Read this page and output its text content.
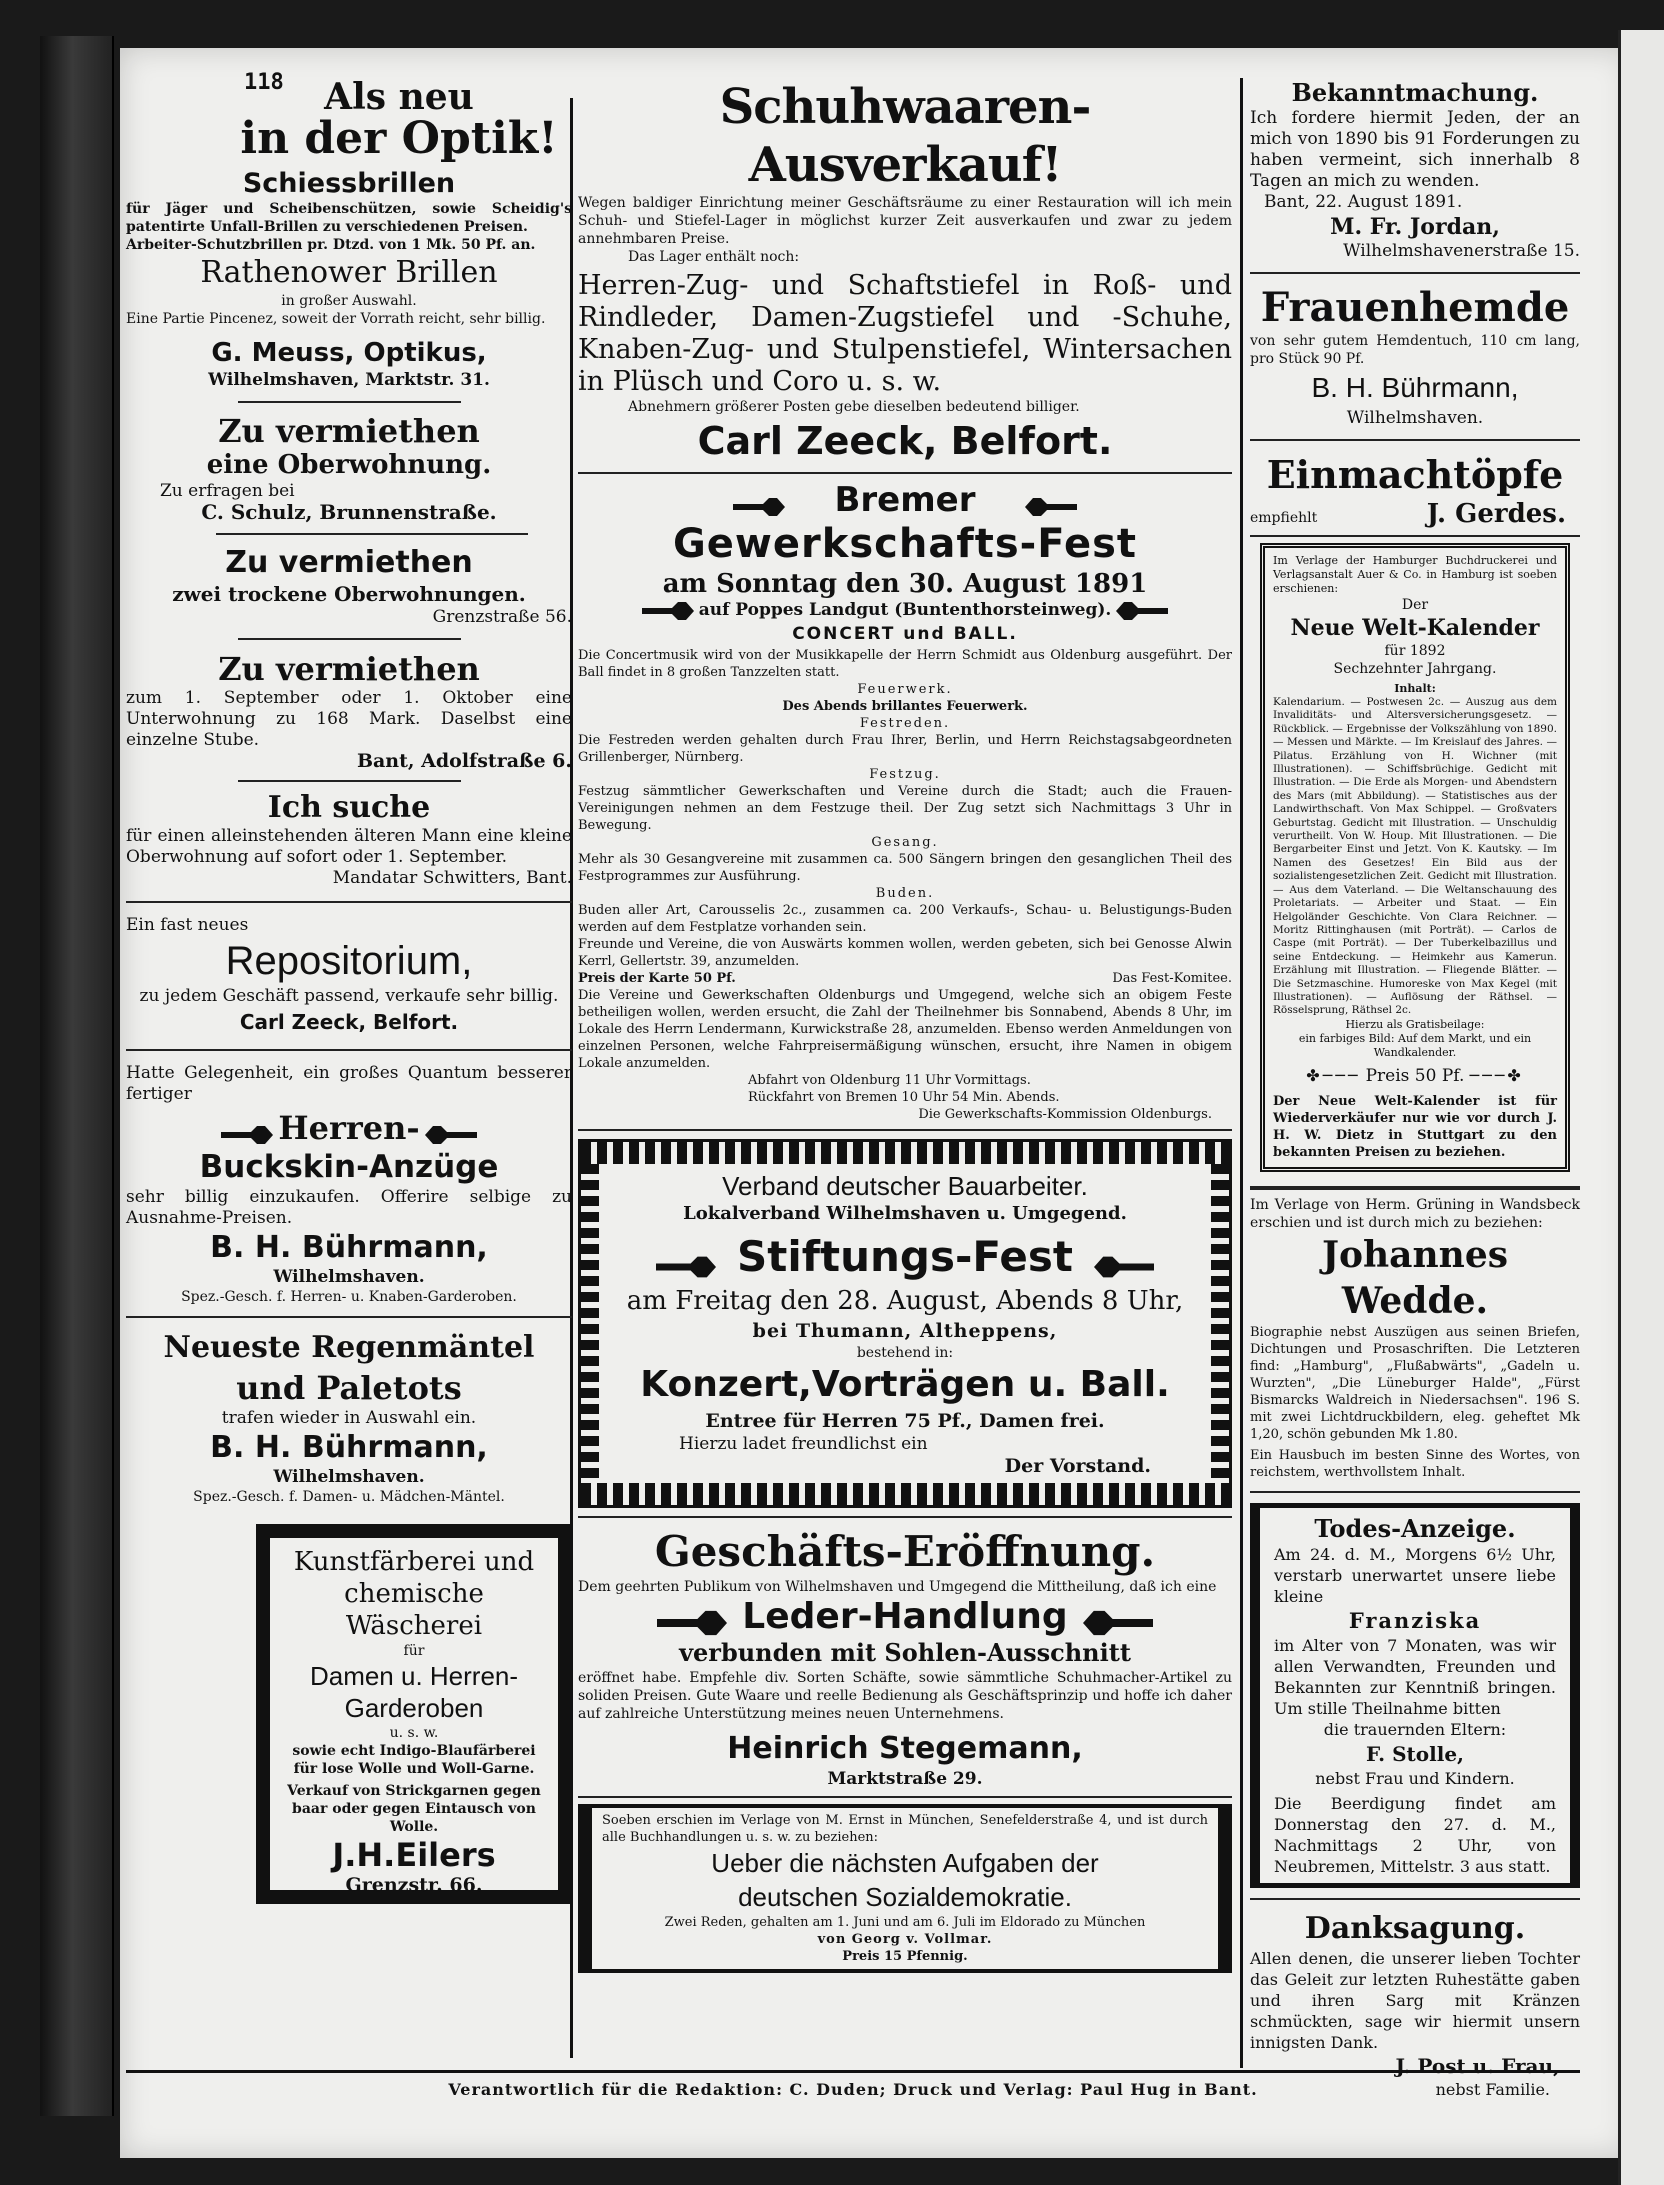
118	Als neu
in der Optik!
Schiessbrillen

für Jäger und Scheibenschützen, sowie Scheidig's patentirte Unfall-Brillen zu verschiedenen Preisen.

Arbeiter-Schutzbrillen pr. Dtzd. von 1 Mk. 50 Pf. an.

Rathenower Brillen

in großer Auswahl.

Eine Partie Pincenez, soweit der Vorrath reicht, sehr billig.

G. Meuss, Optikus,
Wilhelmshaven, Marktstr. 31.
Zu vermiethen
eine Oberwohnung.

Zu erfragen bei

C. Schulz, Brunnenstraße.
Zu vermiethen
zwei trockene Oberwohnungen.
Grenzstraße 56.
Zu vermiethen

zum 1. September oder 1. Oktober eine Unterwohnung zu 168 Mark. Daselbst eine einzelne Stube.

Bant, Adolfstraße 6.
Ich suche

für einen alleinstehenden älteren Mann eine kleine Oberwohnung auf sofort oder 1. September.

Mandatar Schwitters, Bant.

Ein fast neues

Repositorium,

zu jedem Geschäft passend, verkaufe sehr billig.

Carl Zeeck, Belfort.

Hatte Gelegenheit, ein großes Quantum besserer fertiger

Herren-
Buckskin-Anzüge

sehr billig einzukaufen. Offerire selbige zu Ausnahme-Preisen.

B. H. Bührmann,
Wilhelmshaven.
Spez.-Gesch. f. Herren- u. Knaben-Garderoben.
Neueste Regenmäntel
und Paletots

trafen wieder in Auswahl ein.

B. H. Bührmann,
Wilhelmshaven.
Spez.-Gesch. f. Damen- u. Mädchen-Mäntel.
Kunstfärberei und
chemische Wäscherei
für
Damen u. Herren-
Garderoben
u. s. w.

sowie echt Indigo-Blaufärberei für lose Wolle und Woll-Garne.

Verkauf von Strickgarnen gegen baar oder gegen Eintausch von Wolle.

J.H.Eilers
Grenzstr. 66.
Schuhwaaren-Ausverkauf!

Wegen baldiger Einrichtung meiner Geschäftsräume zu einer Restauration will ich mein Schuh- und Stiefel-Lager in möglichst kurzer Zeit ausverkaufen und zwar zu jedem annehmbaren Preise.

Das Lager enthält noch:

Herren-Zug- und Schaftstiefel in Roß- und Rindleder, Damen-Zugstiefel und -Schuhe, Knaben-Zug- und Stulpenstiefel, Wintersachen in Plüsch und Coro u. s. w.

Abnehmern größerer Posten gebe dieselben bedeutend billiger.

Carl Zeeck, Belfort.
Bremer
Gewerkschafts-Fest
am Sonntag den 30. August 1891
auf Poppes Landgut (Buntenthorsteinweg).
CONCERT und BALL.

Die Concertmusik wird von der Musikkapelle der Herrn Schmidt aus Oldenburg ausgeführt. Der Ball findet in 8 großen Tanzzelten statt.

Feuerwerk.

Des Abends brillantes Feuerwerk.

Festreden.

Die Festreden werden gehalten durch Frau Ihrer, Berlin, und Herrn Reichstagsabgeordneten Grillenberger, Nürnberg.

Festzug.

Festzug sämmtlicher Gewerkschaften und Vereine durch die Stadt; auch die Frauen-Vereinigungen nehmen an dem Festzuge theil. Der Zug setzt sich Nachmittags 3 Uhr in Bewegung.

Gesang.

Mehr als 30 Gesangvereine mit zusammen ca. 500 Sängern bringen den gesanglichen Theil des Festprogrammes zur Ausführung.

Buden.

Buden aller Art, Carousselis 2c., zusammen ca. 200 Verkaufs-, Schau- u. Belustigungs-Buden werden auf dem Festplatze vorhanden sein.

Freunde und Vereine, die von Auswärts kommen wollen, werden gebeten, sich bei Genosse Alwin Kerrl, Gellertstr. 39, anzumelden.

Preis der Karte 50 Pf.	Das Fest-Komitee.

Die Vereine und Gewerkschaften Oldenburgs und Umgegend, welche sich an obigem Feste betheiligen wollen, werden ersucht, die Zahl der Theilnehmer bis Sonnabend, Abends 8 Uhr, im Lokale des Herrn Lendermann, Kurwickstraße 28, anzumelden. Ebenso werden Anmeldungen von einzelnen Personen, welche Fahrpreisermäßigung wünschen, ersucht, ihre Namen in obigem Lokale anzumelden.

Abfahrt von Oldenburg 11 Uhr Vormittags.

Rückfahrt von Bremen 10 Uhr 54 Min. Abends.

Die Gewerkschafts-Kommission Oldenburgs.

Verband deutscher Bauarbeiter.
Lokalverband Wilhelmshaven u. Umgegend.
Stiftungs-Fest
am Freitag den 28. August, Abends 8 Uhr,
bei Thumann, Altheppens,
bestehend in:
Konzert,Vorträgen u. Ball.
Entree für Herren 75 Pf., Damen frei.

Hierzu ladet freundlichst ein

Der Vorstand.

Geschäfts-Eröffnung.

Dem geehrten Publikum von Wilhelmshaven und Umgegend die Mittheilung, daß ich eine

Leder-Handlung
verbunden mit Sohlen-Ausschnitt

eröffnet habe. Empfehle div. Sorten Schäfte, sowie sämmtliche Schuhmacher-Artikel zu soliden Preisen. Gute Waare und reelle Bedienung als Geschäftsprinzip und hoffe ich daher auf zahlreiche Unterstützung meines neuen Unternehmens.

Heinrich Stegemann,
Marktstraße 29.

Soeben erschien im Verlage von M. Ernst in München, Senefelderstraße 4, und ist durch alle Buchhandlungen u. s. w. zu beziehen:

Ueber die nächsten Aufgaben der
deutschen Sozialdemokratie.

Zwei Reden, gehalten am 1. Juni und am 6. Juli im Eldorado zu München

von Georg v. Vollmar.

Preis 15 Pfennig.

Bekanntmachung.

Ich fordere hiermit Jeden, der an mich von 1890 bis 91 Forderungen zu haben vermeint, sich innerhalb 8 Tagen an mich zu wenden.

Bant, 22. August 1891.

M. Fr. Jordan,

Wilhelmshavenerstraße 15.

Frauenhemde

von sehr gutem Hemdentuch, 110 cm lang, pro Stück 90 Pf.

B. H. Bührmann,
Wilhelmshaven.
Einmachtöpfe
empfiehlt	J. Gerdes.

Im Verlage der Hamburger Buchdruckerei und Verlagsanstalt Auer & Co. in Hamburg ist soeben erschienen:

Der
Neue Welt-Kalender
für 1892
Sechzehnter Jahrgang.
Inhalt:

Kalendarium. — Postwesen 2c. — Auszug aus dem Invaliditäts- und Altersversicherungsgesetz. — Rückblick. — Ergebnisse der Volkszählung von 1890. — Messen und Märkte. — Im Kreislauf des Jahres. — Pilatus. Erzählung von H. Wichner (mit Illustrationen). — Schiffsbrüchige. Gedicht mit Illustration. — Die Erde als Morgen- und Abendstern des Mars (mit Abbildung). — Statistisches aus der Landwirthschaft. Von Max Schippel. — Großvaters Geburtstag. Gedicht mit Illustration. — Unschuldig verurtheilt. Von W. Houp. Mit Illustrationen. — Die Bergarbeiter Einst und Jetzt. Von K. Kautsky. — Im Namen des Gesetzes! Ein Bild aus der sozialistengesetzlichen Zeit. Gedicht mit Illustration. — Aus dem Vaterland. — Die Weltanschauung des Proletariats. — Arbeiter und Staat. — Ein Helgoländer Geschichte. Von Clara Reichner. — Moritz Rittinghausen (mit Porträt). — Carlos de Caspe (mit Porträt). — Der Tuberkelbazillus und seine Entdeckung. — Heimkehr aus Kamerun. Erzählung mit Illustration. — Fliegende Blätter. — Die Setzmaschine. Humoreske von Max Kegel (mit Illustrationen). — Auflösung der Räthsel. — Rösselsprung, Räthsel 2c.

Hierzu als Gratisbeilage:

ein farbiges Bild: Auf dem Markt, und ein Wandkalender.

✤─── Preis 50 Pf. ───✤

Der Neue Welt-Kalender ist für Wiederverkäufer nur wie vor durch J. H. W. Dietz in Stuttgart zu den bekannten Preisen zu beziehen.

Im Verlage von Herm. Grüning in Wandsbeck erschien und ist durch mich zu beziehen:

Johannes Wedde.

Biographie nebst Auszügen aus seinen Briefen, Dichtungen und Prosaschriften. Die Letzteren find: „Hamburg", „Flußabwärts", „Gadeln u. Wurzten", „Die Lüneburger Halde", „Fürst Bismarcks Waldreich in Niedersachsen". 196 S. mit zwei Lichtdruckbildern, eleg. geheftet Mk 1,20, schön gebunden Mk 1.80.

Ein Hausbuch im besten Sinne des Wortes, von reichstem, werthvollstem Inhalt.

Todes-Anzeige.

Am 24. d. M., Morgens 6½ Uhr, verstarb unerwartet unsere liebe kleine

Franziska

im Alter von 7 Monaten, was wir allen Verwandten, Freunden und Bekannten zur Kenntniß bringen. Um stille Theilnahme bitten

die trauernden Eltern:
F. Stolle,
nebst Frau und Kindern.

Die Beerdigung findet am Donnerstag den 27. d. M., Nachmittags 2 Uhr, von Neubremen, Mittelstr. 3 aus statt.

Danksagung.

Allen denen, die unserer lieben Tochter das Geleit zur letzten Ruhestätte gaben und ihren Sarg mit Kränzen schmückten, sage wir hiermit unsern innigsten Dank.

J. Post u. Frau,
nebst Familie.
Verantwortlich für die Redaktion: C. Duden; Druck und Verlag: Paul Hug in Bant.
